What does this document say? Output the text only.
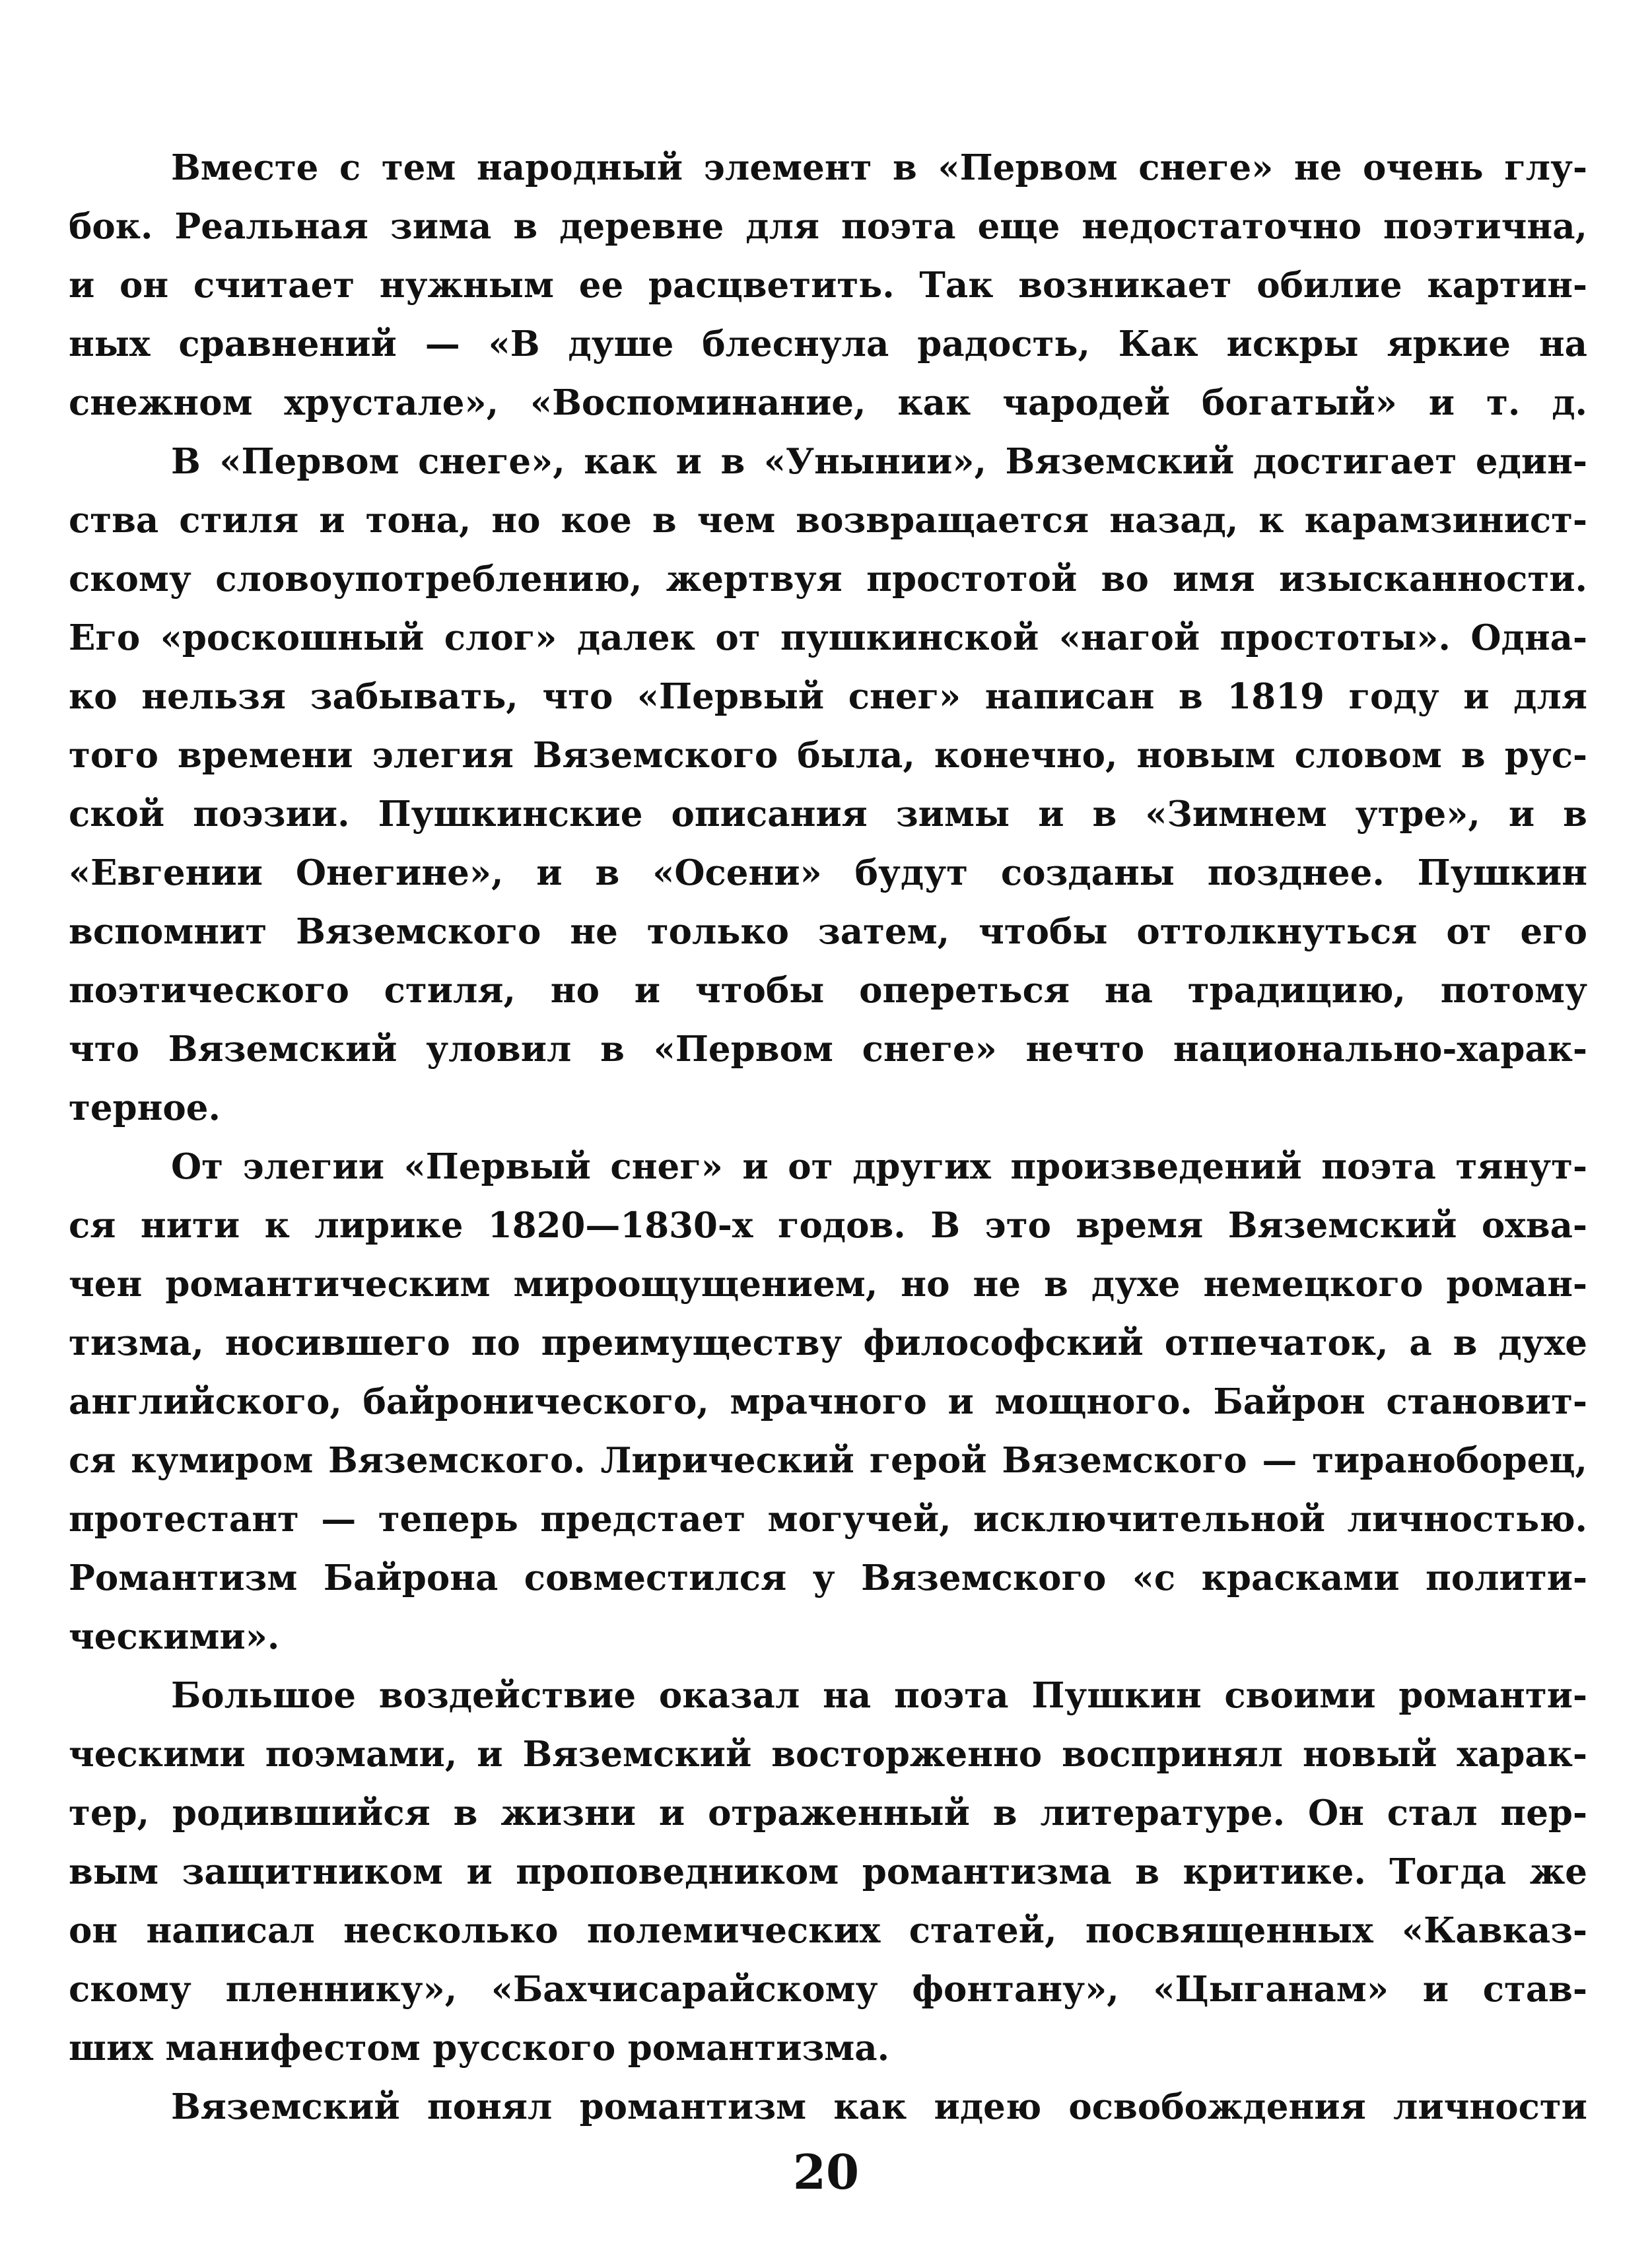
Вместе с тем народный элемент в «Первом снеге» не очень глу-
бок. Реальная зима в деревне для поэта еще недостаточно поэтична,
и он считает нужным ее расцветить. Так возникает обилие картин-
ных сравнений — «В душе блеснула радость, Как искры яркие на
снежном хрустале», «Воспоминание, как чародей богатый» и т. д.
В «Первом снеге», как и в «Унынии», Вяземский достигает един-
ства стиля и тона, но кое в чем возвращается назад, к карамзинист-
скому словоупотреблению, жертвуя простотой во имя изысканности.
Его «роскошный слог» далек от пушкинской «нагой простоты». Одна-
ко нельзя забывать, что «Первый снег» написан в 1819 году и для
того времени элегия Вяземского была, конечно, новым словом в рус-
ской поэзии. Пушкинские описания зимы и в «Зимнем утре», и в
«Евгении Онегине», и в «Осени» будут созданы позднее. Пушкин
вспомнит Вяземского не только затем, чтобы оттолкнуться от его
поэтического стиля, но и чтобы опереться на традицию, потому
что Вяземский уловил в «Первом снеге» нечто национально-харак-
терное.
От элегии «Первый снег» и от других произведений поэта тянут-
ся нити к лирике 1820—1830-х годов. В это время Вяземский охва-
чен романтическим мироощущением, но не в духе немецкого роман-
тизма, носившего по преимуществу философский отпечаток, а в духе
английского, байронического, мрачного и мощного. Байрон становит-
ся кумиром Вяземского. Лирический герой Вяземского — тираноборец,
протестант — теперь предстает могучей, исключительной личностью.
Романтизм Байрона совместился у Вяземского «с красками полити-
ческими».
Большое воздействие оказал на поэта Пушкин своими романти-
ческими поэмами, и Вяземский восторженно воспринял новый харак-
тер, родившийся в жизни и отраженный в литературе. Он стал пер-
вым защитником и проповедником романтизма в критике. Тогда же
он написал несколько полемических статей, посвященных «Кавказ-
скому пленнику», «Бахчисарайскому фонтану», «Цыганам» и став-
ших манифестом русского романтизма.
Вяземский понял романтизм как идею освобождения личности
20
